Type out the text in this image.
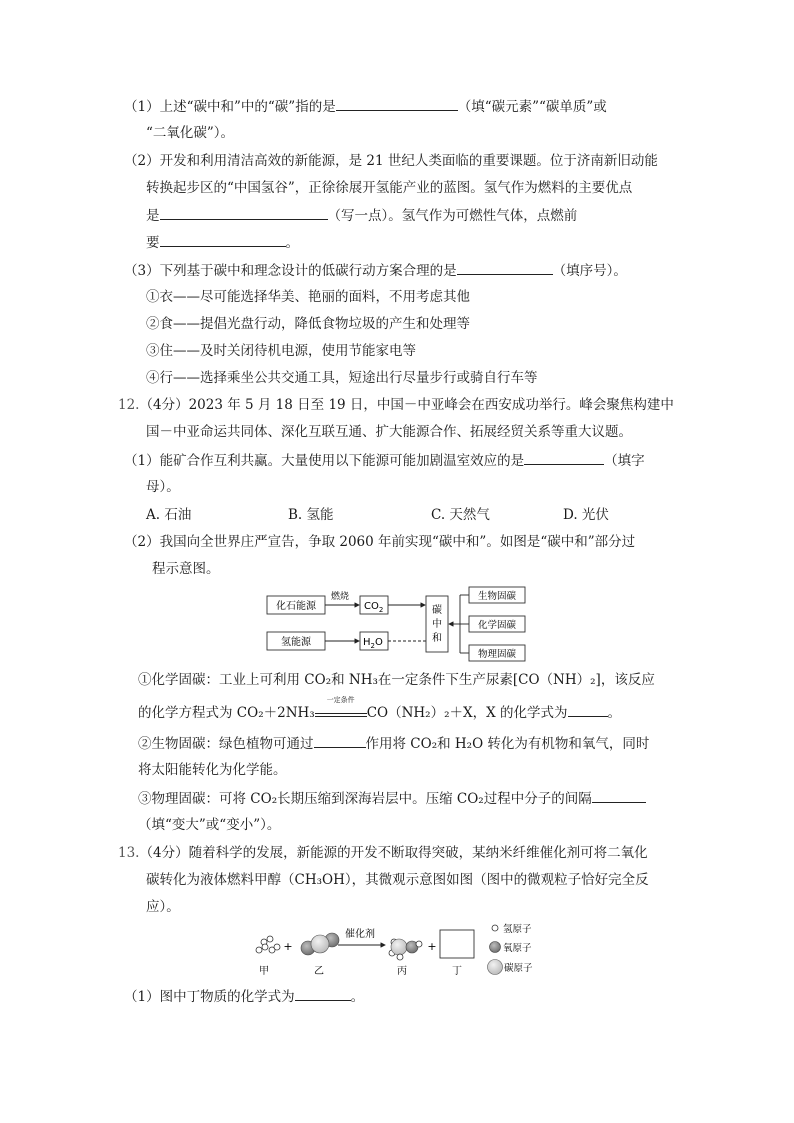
（1）上述“碳中和”中的“碳”指的是	（填“碳元素”“碳单质”或
“二氧化碳”）。
（2）开发和利用清洁高效的新能源，是 21 世纪人类面临的重要课题。位于济南新旧动能
转换起步区的“中国氢谷”，正徐徐展开氢能产业的蓝图。氢气作为燃料的主要优点
是	（写一点）。氢气作为可燃性气体，点燃前
要	。
（3）下列基于碳中和理念设计的低碳行动方案合理的是	（填序号）。
①衣——尽可能选择华美、艳丽的面料，不用考虑其他
②食——提倡光盘行动，降低食物垃圾的产生和处理等
③住——及时关闭待机电源，使用节能家电等
④行——选择乘坐公共交通工具，短途出行尽量步行或骑自行车等
12.（4分）2023 年 5 月 18 日至 19 日，中国－中亚峰会在西安成功举行。峰会聚焦构建中
国－中亚命运共同体、深化互联互通、扩大能源合作、拓展经贸关系等重大议题。
（1）能矿合作互利共赢。大量使用以下能源可能加剧温室效应的是	（填字
母）。
A. 石油	B. 氢能	C. 天然气	D. 光伏
（2）我国向全世界庄严宣告，争取 2060 年前实现“碳中和”。如图是“碳中和”部分过
程示意图。
化石能源
燃烧
$CO_2$
氢能源	$H_2O$
碳
中
和
生物固碳
化学固碳
物理固碳
①化学固碳：工业上可利用 CO₂和 NH₃在一定条件下生产尿素[CO（NH）₂]，该反应
的化学方程式为 CO₂＋2NH₃
一定条件
CO（NH₂）₂＋X，X 的化学式为	。
②生物固碳：绿色植物可通过	作用将 CO₂和 H₂O 转化为有机物和氧气，同时
将太阳能转化为化学能。
③物理固碳：可将 CO₂长期压缩到深海岩层中。压缩 CO₂过程中分子的间隔
（填“变大”或“变小”）。
13.（4分）随着科学的发展，新能源的开发不断取得突破，某纳米纤维催化剂可将二氧化
碳转化为液体燃料甲醇（CH₃OH），其微观示意图如图（图中的微观粒子恰好完全反
应）。
甲
+
乙
催化剂
丙
+
丁
氢原子
氧原子
碳原子
（1）图中丁物质的化学式为	。
